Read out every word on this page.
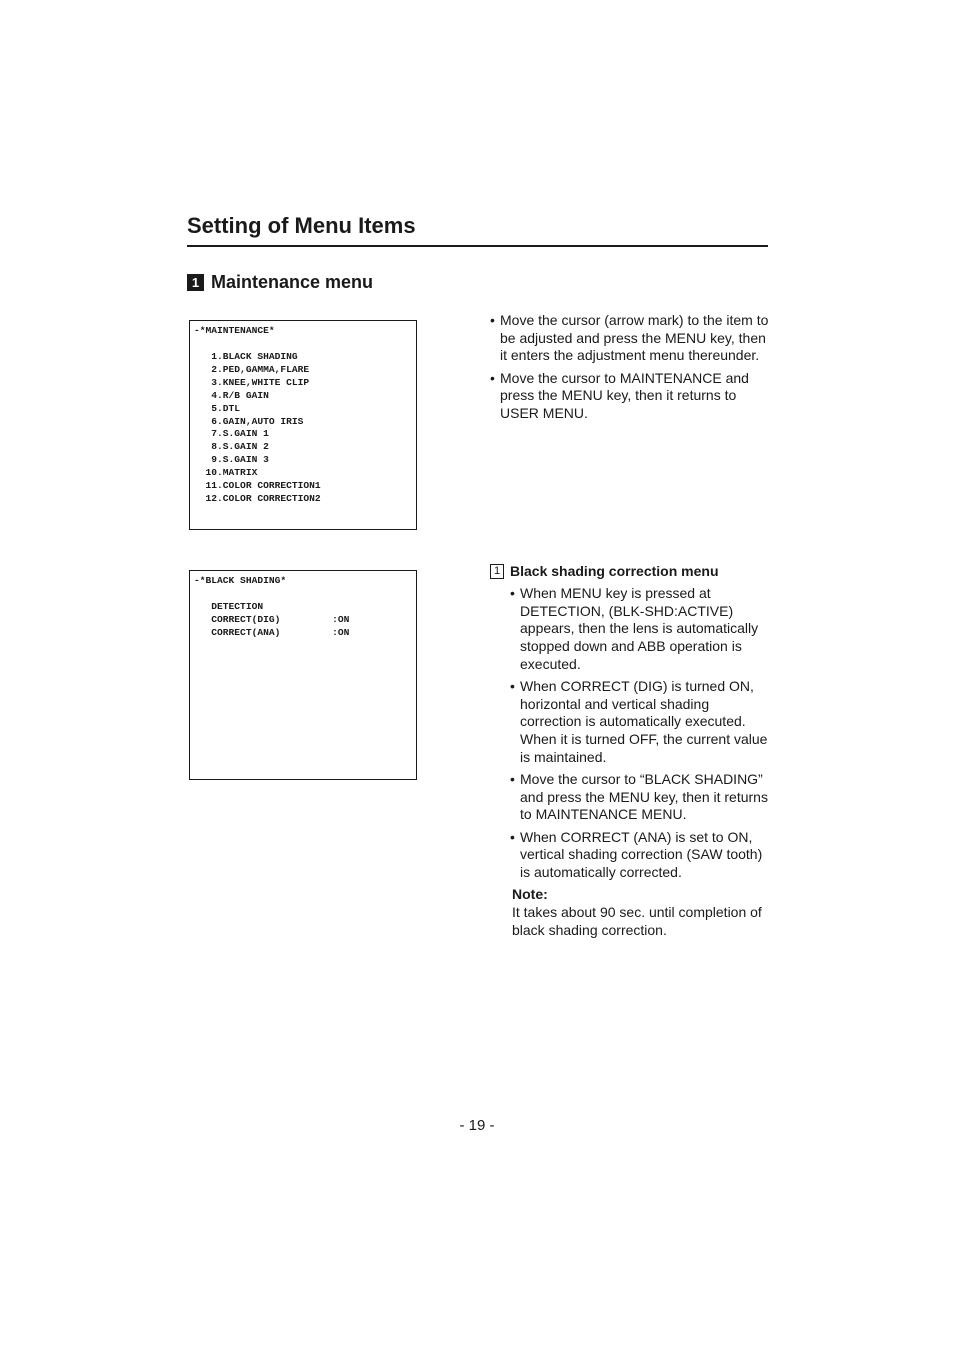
Setting of Menu Items
1 Maintenance menu
-*MAINTENANCE*
1.BLACK SHADING
2.PED,GAMMA,FLARE
3.KNEE,WHITE CLIP
4.R/B GAIN
5.DTL
6.GAIN,AUTO IRIS
7.S.GAIN 1
8.S.GAIN 2
9.S.GAIN 3
10.MATRIX
11.COLOR CORRECTION1
12.COLOR CORRECTION2
• Move the cursor (arrow mark) to the item to be adjusted and press the MENU key, then it enters the adjustment menu thereunder.
• Move the cursor to MAINTENANCE and press the MENU key, then it returns to USER MENU.
-*BLACK SHADING*
DETECTION
CORRECT(DIG)         :ON
CORRECT(ANA)         :ON
1 Black shading correction menu
• When MENU key is pressed at DETECTION, (BLK-SHD:ACTIVE) appears, then the lens is automatically stopped down and ABB operation is executed.
• When CORRECT (DIG) is turned ON, horizontal and vertical shading correction is automatically executed. When it is turned OFF, the current value is maintained.
• Move the cursor to “BLACK SHADING” and press the MENU key, then it returns to MAINTENANCE MENU.
• When CORRECT (ANA) is set to ON, vertical shading correction (SAW tooth) is automatically corrected.
Note:
It takes about 90 sec. until completion of black shading correction.
- 19 -
